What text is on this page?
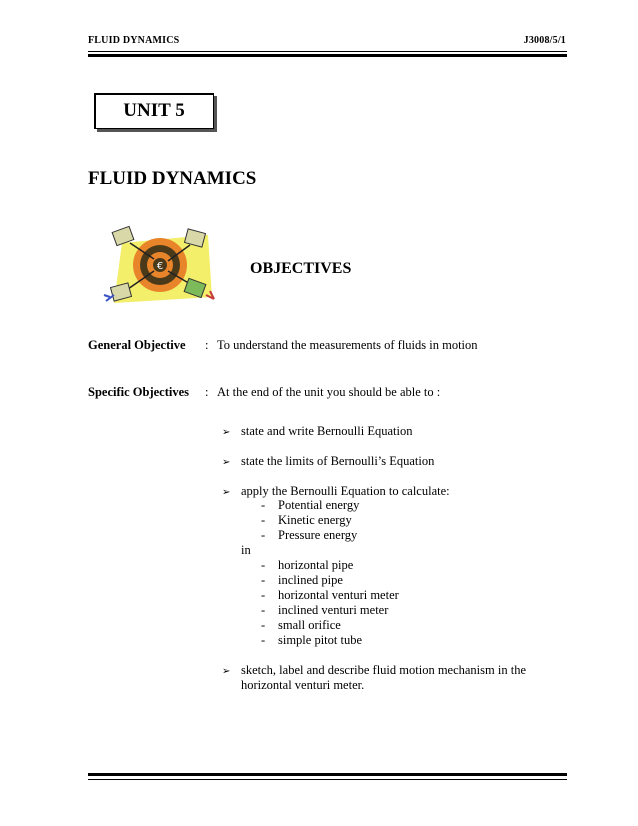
FLUID DYNAMICS	J3008/5/1
UNIT 5
FLUID DYNAMICS
€	OBJECTIVES
General Objective : To understand the measurements of fluids in motion
Specific Objectives : At the end of the unit you should be able to :
➢ state and write Bernoulli Equation
➢ state the limits of Bernoulli’s Equation
➢ apply the Bernoulli Equation to calculate:
- Potential energy
- Kinetic energy
- Pressure energy
in
- horizontal pipe
- inclined pipe
- horizontal venturi meter
- inclined venturi meter
- small orifice
- simple pitot tube
➢ sketch, label and describe fluid motion mechanism in the
horizontal venturi meter.
